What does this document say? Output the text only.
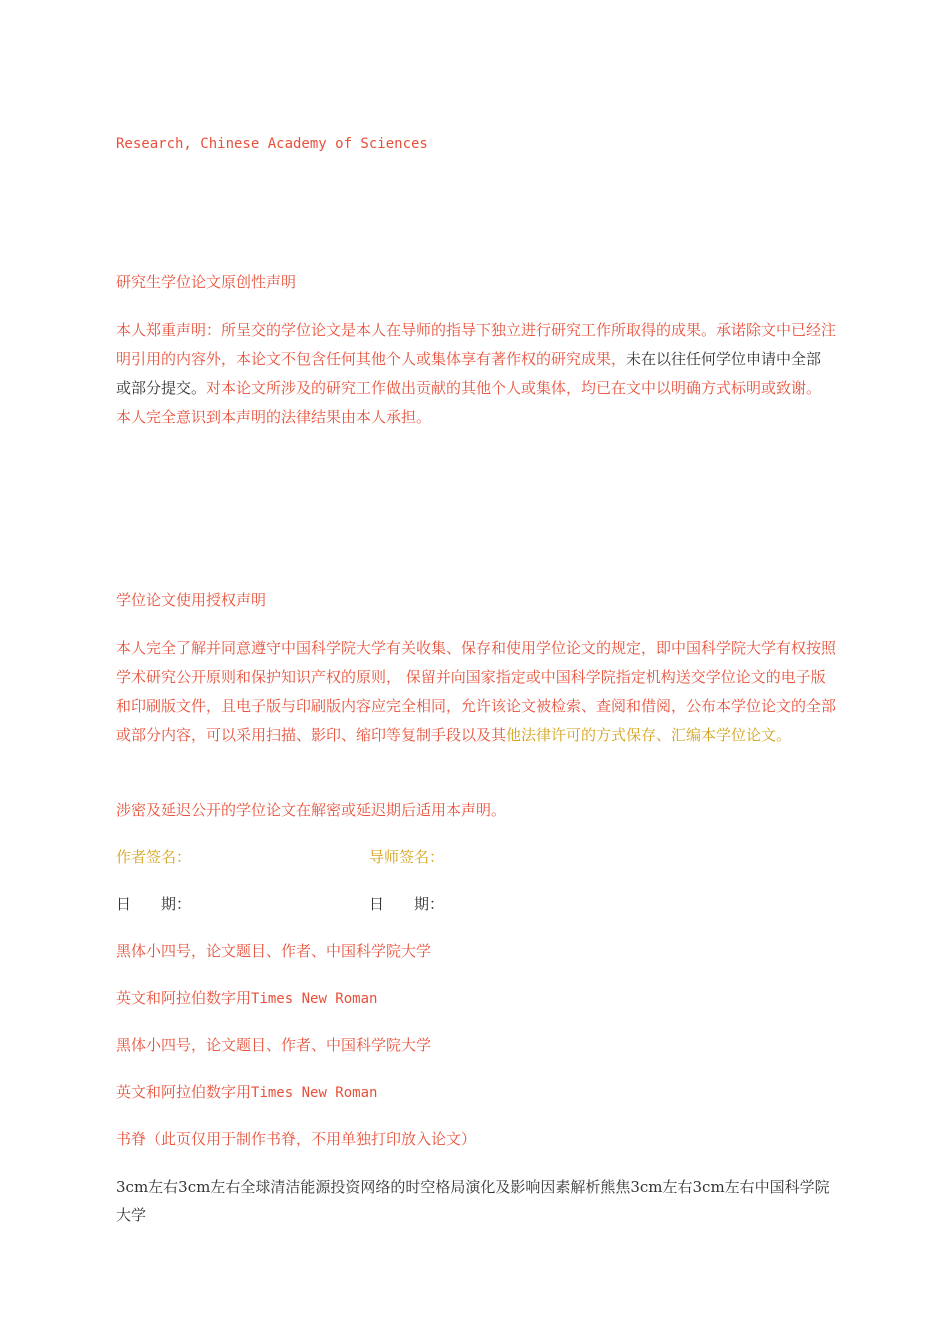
Research, Chinese Academy of Sciences
研究生学位论文原创性声明
本人郑重声明：所呈交的学位论文是本人在导师的指导下独立进行研究工作所取得的成果。承诺除文中已经注明引用的内容外，本论文不包含任何其他个人或集体享有著作权的研究成果，未在以往任何学位申请中全部或部分提交。对本论文所涉及的研究工作做出贡献的其他个人或集体，均已在文中以明确方式标明或致谢。本人完全意识到本声明的法律结果由本人承担。
学位论文使用授权声明
本人完全了解并同意遵守中国科学院大学有关收集、保存和使用学位论文的规定，即中国科学院大学有权按照学术研究公开原则和保护知识产权的原则， 保留并向国家指定或中国科学院指定机构送交学位论文的电子版和印刷版文件，且电子版与印刷版内容应完全相同，允许该论文被检索、查阅和借阅，公布本学位论文的全部或部分内容，可以采用扫描、影印、缩印等复制手段以及其他法律许可的方式保存、汇编本学位论文。
涉密及延迟公开的学位论文在解密或延迟期后适用本声明。
作者签名：	导师签名：
日　　期：	日　　期：
黑体小四号，论文题目、作者、中国科学院大学
英文和阿拉伯数字用Times New Roman
黑体小四号，论文题目、作者、中国科学院大学
英文和阿拉伯数字用Times New Roman
书脊（此页仅用于制作书脊，不用单独打印放入论文）
3cm左右3cm左右全球清洁能源投资网络的时空格局演化及影响因素解析熊焦3cm左右3cm左右中国科学院大学
